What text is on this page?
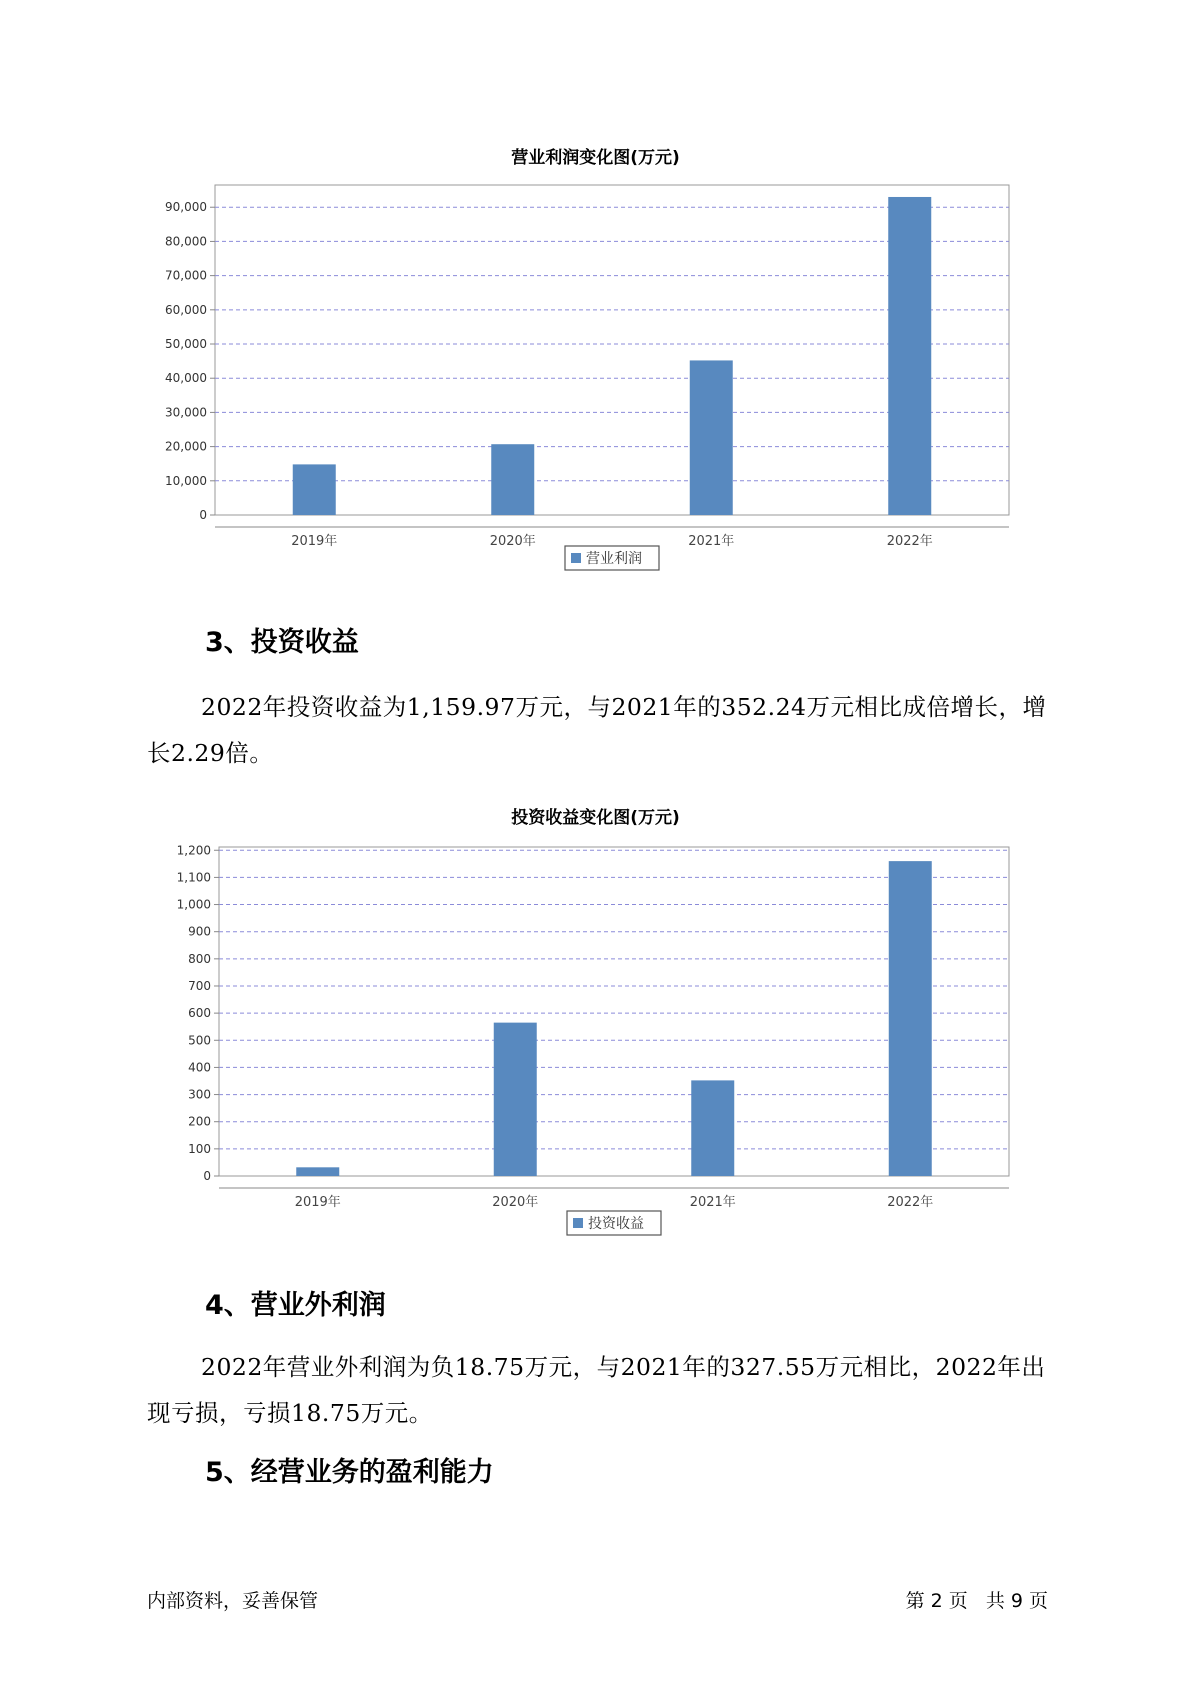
营业利润变化图(万元)
0
10,000
20,000
30,000
40,000
50,000
60,000
70,000
80,000
90,000
2019年	2020年	2021年	2022年
营业利润
3、投资收益
2022年投资收益为1,159.97万元，与2021年的352.24万元相比成倍增长，增长2.29倍。
投资收益变化图(万元)
0
100
200
300
400
500
600
700
800
900
1,000
1,100
1,200
2019年	2020年	2021年	2022年
投资收益
4、营业外利润
2022年营业外利润为负18.75万元，与2021年的327.55万元相比，2022年出现亏损，亏损18.75万元。
5、经营业务的盈利能力
内部资料，妥善保管	第 2 页 共 9 页
